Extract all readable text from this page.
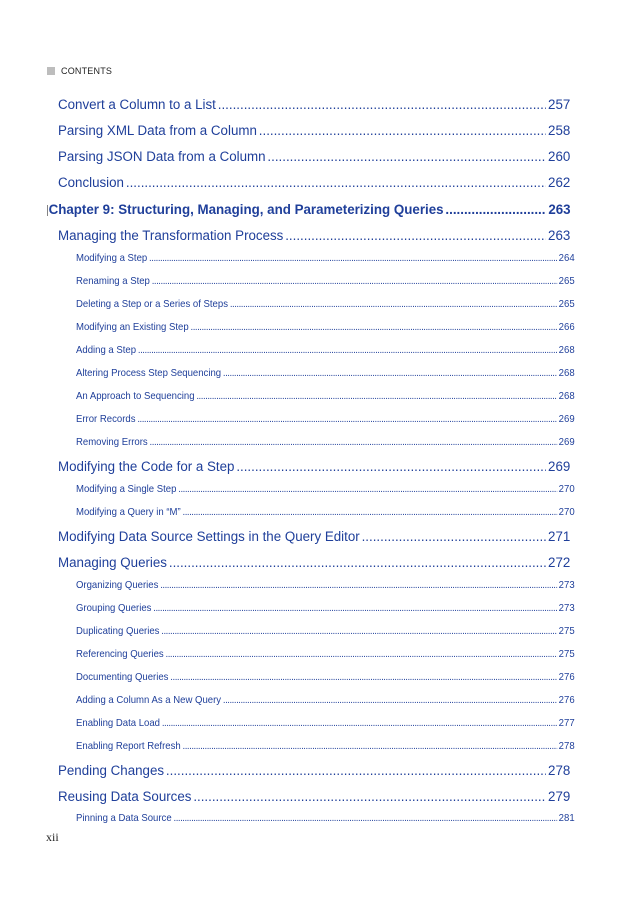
CONTENTS
Convert a Column to a List .....	257
Parsing XML Data from a Column .....	258
Parsing JSON Data from a Column .....	260
Conclusion .....	262
Chapter 9: Structuring, Managing, and Parameterizing Queries .....	263
Managing the Transformation Process .....	263
Modifying a Step .....	264
Renaming a Step .....	265
Deleting a Step or a Series of Steps .....	265
Modifying an Existing Step .....	266
Adding a Step .....	268
Altering Process Step Sequencing .....	268
An Approach to Sequencing .....	268
Error Records .....	269
Removing Errors .....	269
Modifying the Code for a Step .....	269
Modifying a Single Step .....	270
Modifying a Query in “M” .....	270
Modifying Data Source Settings in the Query Editor .....	271
Managing Queries .....	272
Organizing Queries .....	273
Grouping Queries .....	273
Duplicating Queries .....	275
Referencing Queries .....	275
Documenting Queries .....	276
Adding a Column As a New Query .....	276
Enabling Data Load .....	277
Enabling Report Refresh .....	278
Pending Changes .....	278
Reusing Data Sources .....	279
Pinning a Data Source .....	281
xii
